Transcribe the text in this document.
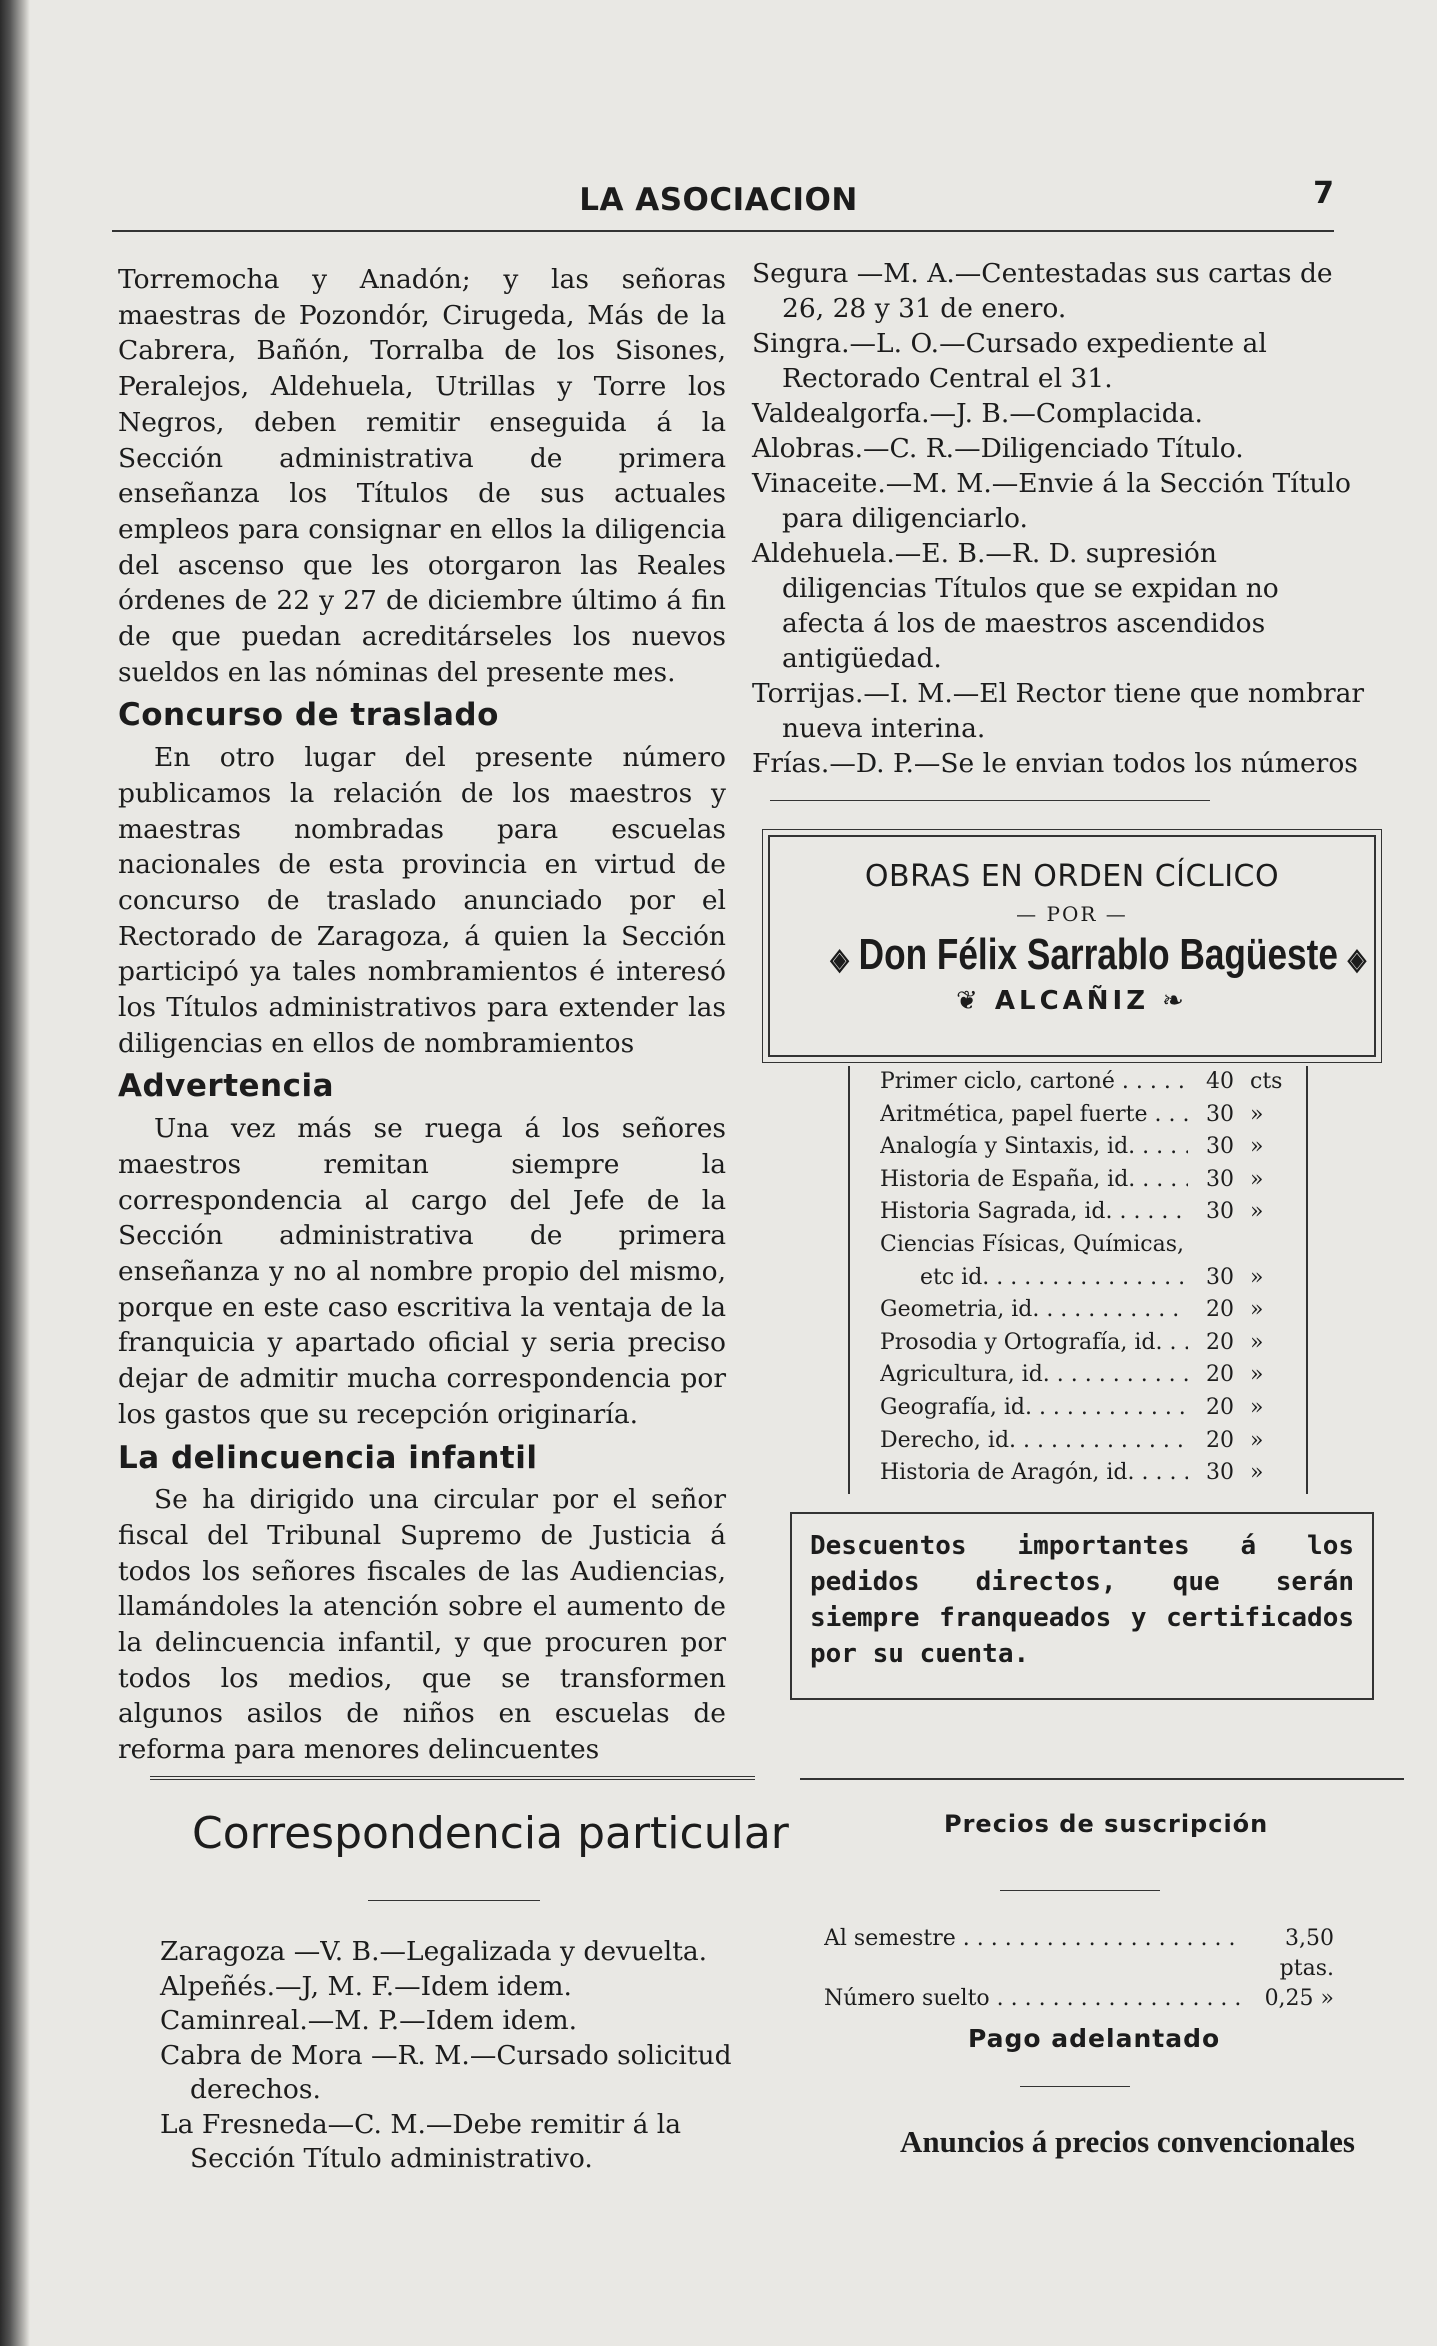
LA ASOCIACION	7

Torremocha y Anadón; y las señoras maestras de Pozondór, Cirugeda, Más de la Cabrera, Bañón, Torralba de los Sisones, Peralejos, Aldehuela, Utrillas y Torre los Negros, deben remitir enseguida á la Sección administrativa de primera enseñanza los Títulos de sus actuales empleos para consignar en ellos la diligencia del ascenso que les otorgaron las Reales órdenes de 22 y 27 de diciembre último á fin de que puedan acreditárseles los nuevos sueldos en las nóminas del presente mes.

Concurso de traslado

En otro lugar del presente número publicamos la relación de los maestros y maestras nombradas para escuelas nacionales de esta provincia en virtud de concurso de traslado anunciado por el Rectorado de Zaragoza, á quien la Sección participó ya tales nombramientos é interesó los Títulos administrativos para extender las diligencias en ellos de nombramientos

Advertencia

Una vez más se ruega á los señores maestros remitan siempre la correspondencia al cargo del Jefe de la Sección administrativa de primera enseñanza y no al nombre propio del mismo, porque en este caso escritiva la ventaja de la franquicia y apartado oficial y seria preciso dejar de admitir mucha correspondencia por los gastos que su recepción originaría.

La delincuencia infantil

Se ha dirigido una circular por el señor fiscal del Tribunal Supremo de Justicia á todos los señores fiscales de las Audiencias, llamándoles la atención sobre el aumento de la delincuencia infantil, y que procuren por todos los medios, que se transformen algunos asilos de niños en escuelas de reforma para menores delincuentes

Segura —M. A.—Centestadas sus cartas de 26, 28 y 31 de enero.

Singra.—L. O.—Cursado expediente al Rectorado Central el 31.

Valdealgorfa.—J. B.—Complacida.

Alobras.—C. R.—Diligenciado Título.

Vinaceite.—M. M.—Envie á la Sección Título para diligenciarlo.

Aldehuela.—E. B.—R. D. supresión diligencias Títulos que se expidan no afecta á los de maestros ascendidos antigüedad.

Torrijas.—I. M.—El Rector tiene que nombrar nueva interina.

Frías.—D. P.—Se le envian todos los números

OBRAS EN ORDEN CÍCLICO
— POR —
◈ Don Félix Sarrablo Bagüeste ◈
❦ ALCAÑIZ ❧
Primer ciclo, cartoné . . .	40 cts
Aritmética, papel fuerte . . .	30 »
Analogía y Sintaxis, id. . . .	30 »
Historia de España, id. . . .	30 »
Historia Sagrada, id. . . .	30 »
Ciencias Físicas, Químicas,
etc id. . . .	30 »
Geometria, id. . . .	20 »
Prosodia y Ortografía, id. . . .	20 »
Agricultura, id. . . .	20 »
Geografía, id. . . .	20 »
Derecho, id. . . .	20 »
Historia de Aragón, id. . . .	30 »
Descuentos importantes á los pedidos directos, que serán siempre franqueados y certificados por su cuenta.
Correspondencia particular

Zaragoza —V. B.—Legalizada y devuelta.

Alpeñés.—J, M. F.—Idem idem.

Caminreal.—M. P.—Idem idem.

Cabra de Mora —R. M.—Cursado solicitud derechos.

La Fresneda—C. M.—Debe remitir á la Sección Título administrativo.

Precios de suscripción
Al semestre . . .	3,50 ptas.
Número suelto . . .	0,25 »
Pago adelantado
Anuncios á precios convencionales
